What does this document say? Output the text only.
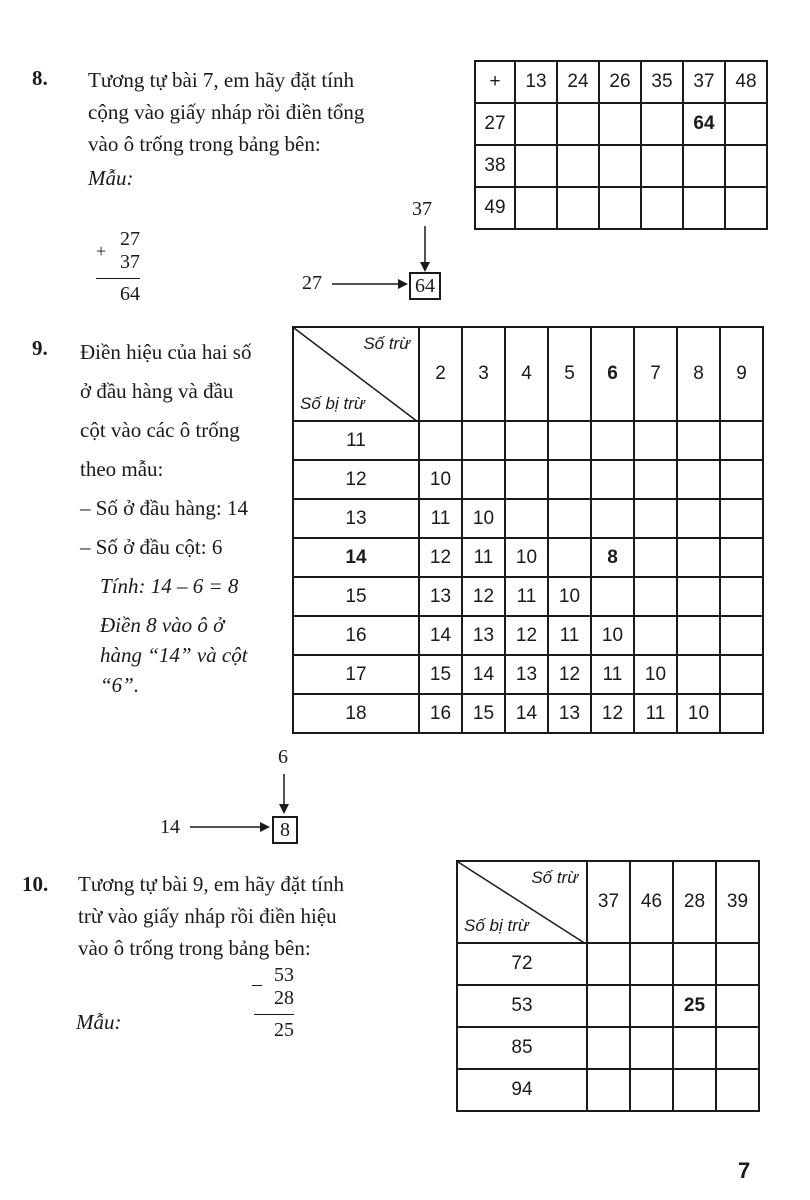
8. Tương tự bài 7, em hãy đặt tính
cộng vào giấy nháp rồi điền tổng
vào ô trống trong bảng bên:
Mẫu:
27
+ 37
64
37
27	64
+	13	24	26	35	37	48
27					64	
38						
49						
9. Điền hiệu của hai số
ở đầu hàng và đầu
cột vào các ô trống
theo mẫu:
– Số ở đầu hàng: 14
– Số ở đầu cột: 6
Tính: 14 – 6 = 8
Điền 8 vào ô ở
hàng “14” và cột
“6”.
Số trừ
Số bị trừ	2	3	4	5	6	7	8	9
11								
12	10							
13	11	10						
14	12	11	10		8			
15	13	12	11	10				
16	14	13	12	11	10			
17	15	14	13	12	11	10		
18	16	15	14	13	12	11	10	
6
14	8
10. Tương tự bài 9, em hãy đặt tính
trừ vào giấy nháp rồi điền hiệu
vào ô trống trong bảng bên:
Mẫu:
53
–
28
25
Số trừ
Số bị trừ	37	46	28	39
72				
53			25	
85				
94				
7
